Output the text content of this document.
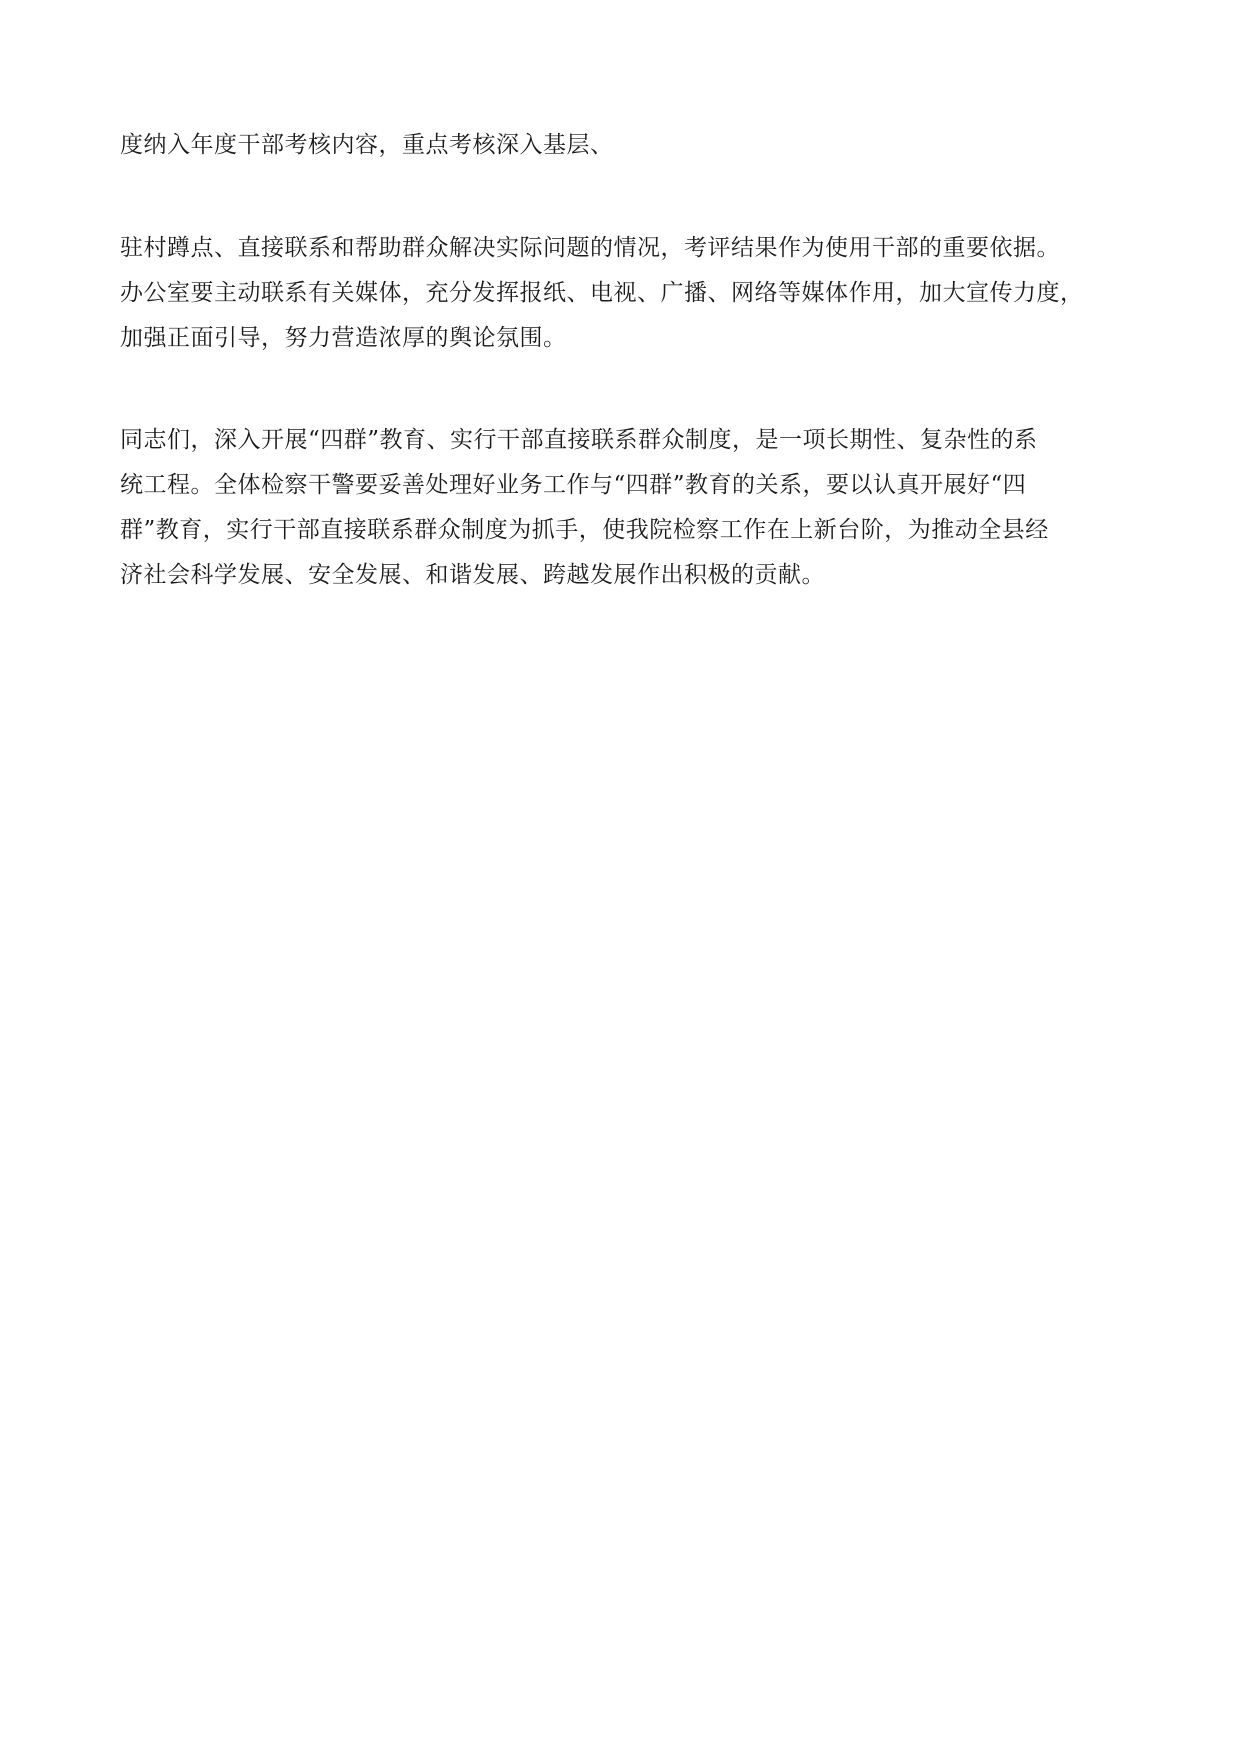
度纳入年度干部考核内容，重点考核深入基层、
驻村蹲点、直接联系和帮助群众解决实际问题的情况，考评结果作为使用干部的重要依据。
办公室要主动联系有关媒体，充分发挥报纸、电视、广播、网络等媒体作用，加大宣传力度，
加强正面引导，努力营造浓厚的舆论氛围。
同志们，深入开展“四群”教育、实行干部直接联系群众制度，是一项长期性、复杂性的系
统工程。全体检察干警要妥善处理好业务工作与“四群”教育的关系，要以认真开展好“四
群”教育，实行干部直接联系群众制度为抓手，使我院检察工作在上新台阶，为推动全县经
济社会科学发展、安全发展、和谐发展、跨越发展作出积极的贡献。
